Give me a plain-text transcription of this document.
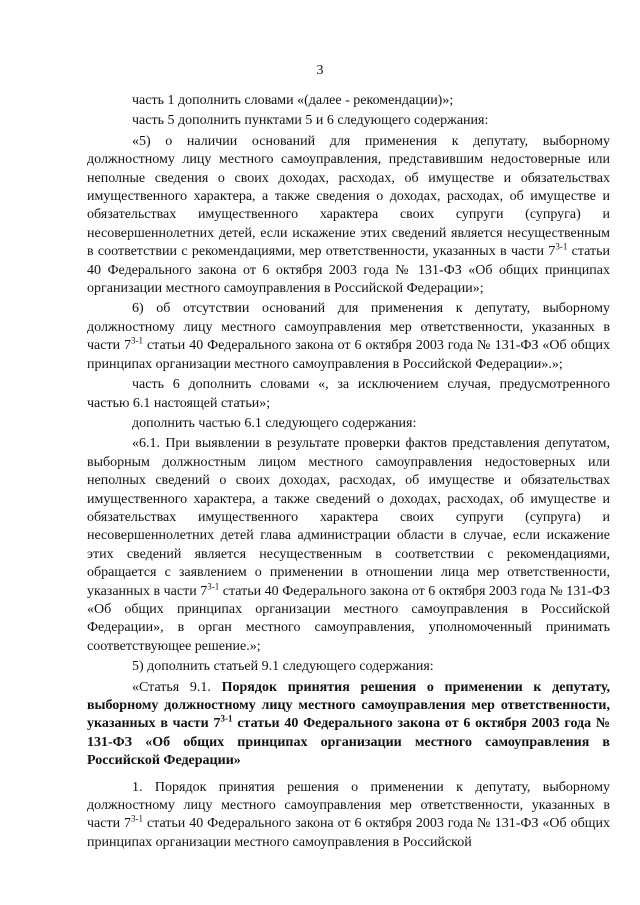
3

часть 1 дополнить словами «(далее - рекомендации)»;

часть 5 дополнить пунктами 5 и 6 следующего содержания:

«5) о наличии оснований для применения к депутату, выборному должностному лицу местного самоуправления, представившим недостоверные или неполные сведения о своих доходах, расходах, об имуществе и обязательствах имущественного характера, а также сведения о доходах, расходах, об имуществе и обязательствах имущественного характера своих супруги (супруга) и несовершеннолетних детей, если искажение этих сведений является несущественным в соответствии с рекомендациями, мер ответственности, указанных в части 7$^{3-1}$ статьи 40 Федерального закона от 6 октября 2003 года № 131-ФЗ «Об общих принципах организации местного самоуправления в Российской Федерации»;

6) об отсутствии оснований для применения к депутату, выборному должностному лицу местного самоуправления мер ответственности, указанных в части 7$^{3-1}$ статьи 40 Федерального закона от 6 октября 2003 года № 131-ФЗ «Об общих принципах организации местного самоуправления в Российской Федерации».»;

часть 6 дополнить словами «, за исключением случая, предусмотренного частью 6.1 настоящей статьи»;

дополнить частью 6.1 следующего содержания:

«6.1. При выявлении в результате проверки фактов представления депутатом, выборным должностным лицом местного самоуправления недостоверных или неполных сведений о своих доходах, расходах, об имуществе и обязательствах имущественного характера, а также сведений о доходах, расходах, об имуществе и обязательствах имущественного характера своих супруги (супруга) и несовершеннолетних детей глава администрации области в случае, если искажение этих сведений является несущественным в соответствии с рекомендациями, обращается с заявлением о применении в отношении лица мер ответственности, указанных в части 7$^{3-1}$ статьи 40 Федерального закона от 6 октября 2003 года № 131-ФЗ «Об общих принципах организации местного самоуправления в Российской Федерации», в орган местного самоуправления, уполномоченный принимать соответствующее решение.»;

5) дополнить статьей 9.1 следующего содержания:

«Статья 9.1. Порядок принятия решения о применении к депутату, выборному должностному лицу местного самоуправления мер ответственности, указанных в части 7$^{3-1}$ статьи 40 Федерального закона от 6 октября 2003 года № 131-ФЗ «Об общих принципах организации местного самоуправления в Российской Федерации»

1. Порядок принятия решения о применении к депутату, выборному должностному лицу местного самоуправления мер ответственности, указанных в части 7$^{3-1}$ статьи 40 Федерального закона от 6 октября 2003 года № 131-ФЗ «Об общих принципах организации местного самоуправления в Российской
